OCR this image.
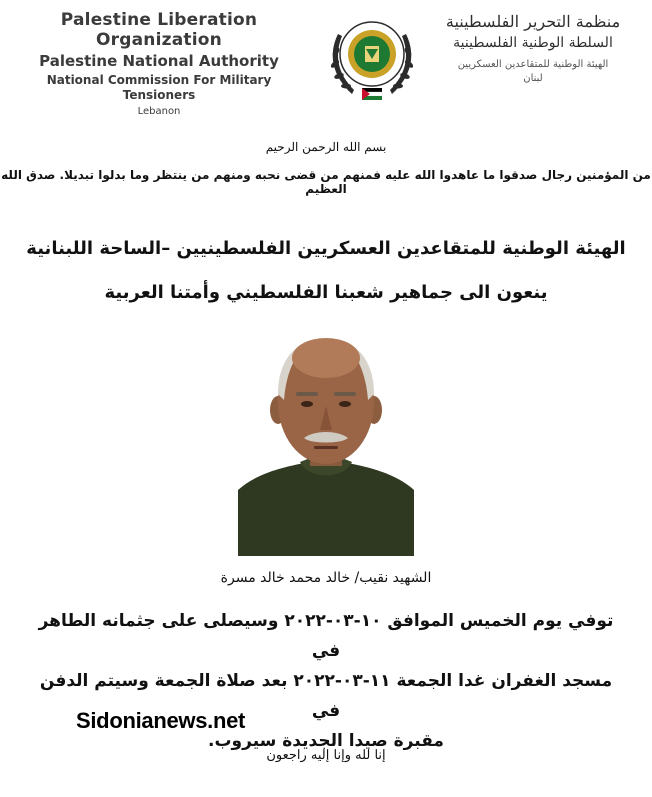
Palestine Liberation Organization
Palestine National Authority
National Commission For Military
Tensioners
Lebanon
منظمة التحرير الفلسطينية
السلطة الوطنية الفلسطينية
الهيئة الوطنية للمتقاعدين العسكريين
لبنان
بسم الله الرحمن الرحيم
من المؤمنين رجال صدقوا ما عاهدوا الله عليه فمنهم من قضى نحبه ومنهم من ينتظر وما بدلوا تبديلا. صدق الله العظيم
الهيئة الوطنية للمتقاعدين العسكريين الفلسطينيين –الساحة اللبنانية
ينعون الى جماهير شعبنا الفلسطيني وأمتنا العربية
الشهيد نقيب/ خالد محمد خالد مسرة
توفي يوم الخميس الموافق ١٠-٠٣-٢٠٢٢ وسيصلى على جثمانه الطاهر في
مسجد الغفران غدا الجمعة ١١-٠٣-٢٠٢٢ بعد صلاة الجمعة وسيتم الدفن في
مقبرة صيدا الجديدة سيروب.
Sidonianews.net
إنا لله وإنا إليه راجعون
